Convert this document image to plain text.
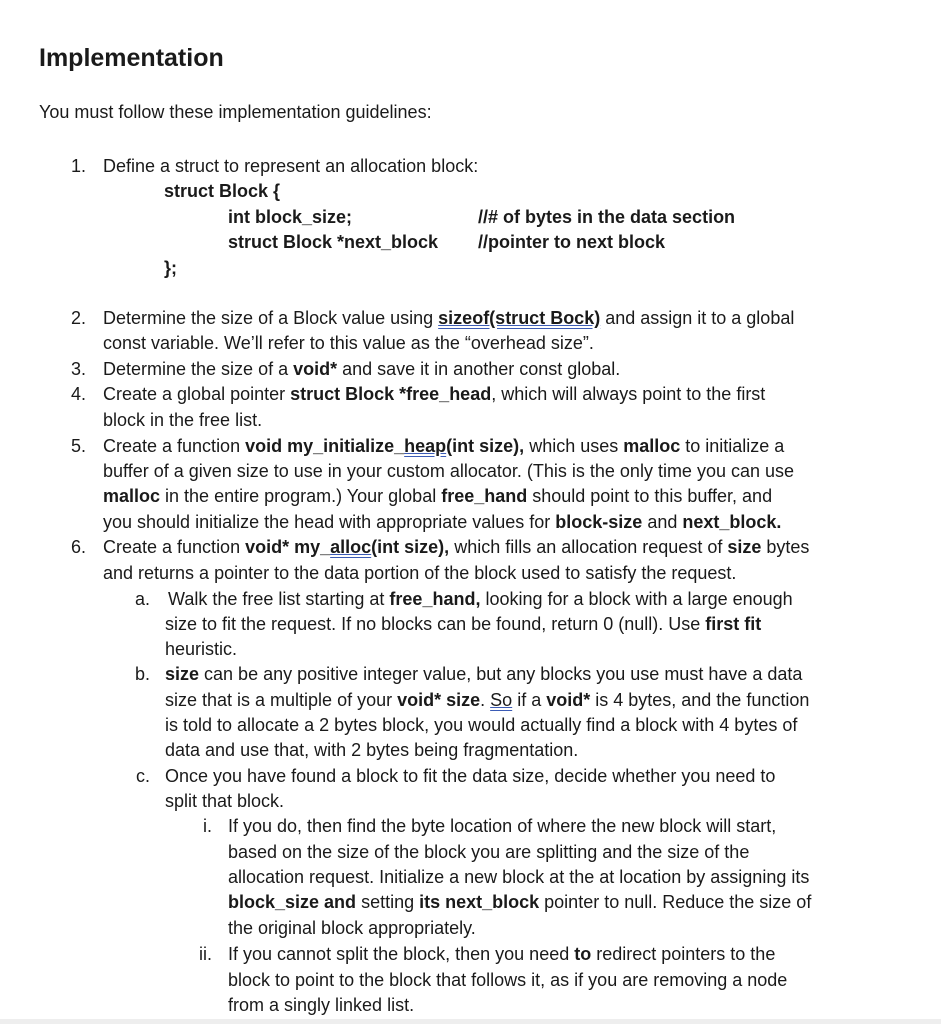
Implementation

You must follow these implementation guidelines:

1. Define a struct to represent an allocation block:
struct Block {
int block_size;	//# of bytes in the data section
struct Block *next_block //pointer to next block
};
2. Determine the size of a Block value using sizeof(struct Bock) and assign it to a global
const variable. We’ll refer to this value as the “overhead size”.
3. Determine the size of a void* and save it in another const global.
4. Create a global pointer struct Block *free_head, which will always point to the first
block in the free list.
5. Create a function void my_initialize_heap(int size), which uses malloc to initialize a
buffer of a given size to use in your custom allocator. (This is the only time you can use
malloc in the entire program.) Your global free_hand should point to this buffer, and
you should initialize the head with appropriate values for block-size and next_block.
6. Create a function void* my_alloc(int size), which fills an allocation request of size bytes
and returns a pointer to the data portion of the block used to satisfy the request.
a. Walk the free list starting at free_hand, looking for a block with a large enough
size to fit the request. If no blocks can be found, return 0 (null). Use first fit
heuristic.
b. size can be any positive integer value, but any blocks you use must have a data
size that is a multiple of your void* size. So if a void* is 4 bytes, and the function
is told to allocate a 2 bytes block, you would actually find a block with 4 bytes of
data and use that, with 2 bytes being fragmentation.
c. Once you have found a block to fit the data size, decide whether you need to
split that block.
i. If you do, then find the byte location of where the new block will start,
based on the size of the block you are splitting and the size of the
allocation request. Initialize a new block at the at location by assigning its
block_size and setting its next_block pointer to null. Reduce the size of
the original block appropriately.
ii. If you cannot split the block, then you need to redirect pointers to the
block to point to the block that follows it, as if you are removing a node
from a singly linked list.
